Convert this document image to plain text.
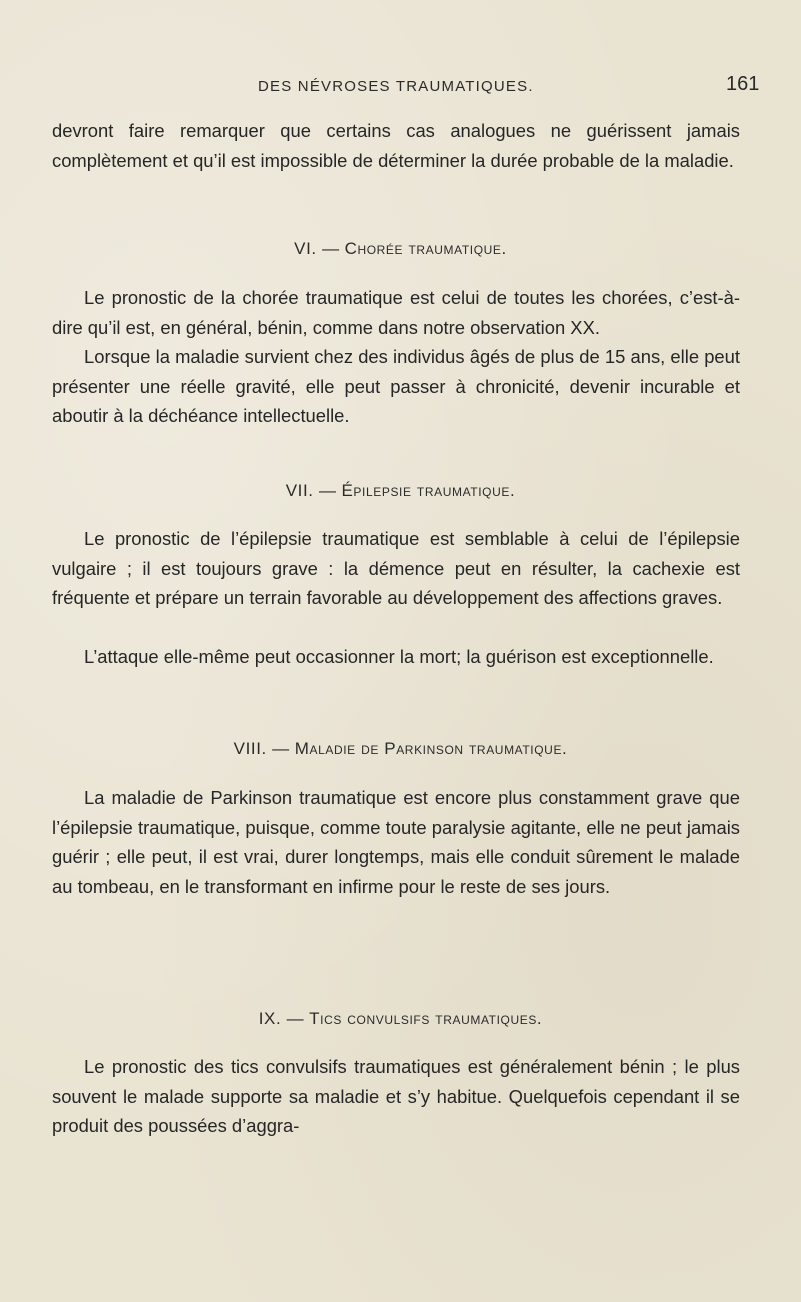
DES NÉVROSES TRAUMATIQUES.	161

devront faire remarquer que certains cas analogues ne guérissent jamais complètement et qu’il est impossible de déterminer la durée probable de la maladie.

VI. — Chorée traumatique.

Le pronostic de la chorée traumatique est celui de toutes les chorées, c’est-à-dire qu’il est, en général, bénin, comme dans notre observation XX.

Lorsque la maladie survient chez des individus âgés de plus de 15 ans, elle peut présenter une réelle gravité, elle peut passer à chronicité, devenir incurable et aboutir à la déchéance intellectuelle.

VII. — Épilepsie traumatique.

Le pronostic de l’épilepsie traumatique est semblable à celui de l’épilepsie vulgaire ; il est toujours grave : la démence peut en résulter, la cachexie est fréquente et prépare un terrain favorable au développement des affections graves.

L’attaque elle-même peut occasionner la mort; la guérison est exceptionnelle.

VIII. — Maladie de Parkinson traumatique.

La maladie de Parkinson traumatique est encore plus constamment grave que l’épilepsie traumatique, puisque, comme toute paralysie agitante, elle ne peut jamais guérir ; elle peut, il est vrai, durer longtemps, mais elle conduit sûrement le malade au tombeau, en le transformant en infirme pour le reste de ses jours.

IX. — Tics convulsifs traumatiques.

Le pronostic des tics convulsifs traumatiques est généralement bénin ; le plus souvent le malade supporte sa maladie et s’y habitue. Quelquefois cependant il se produit des poussées d’aggra-
